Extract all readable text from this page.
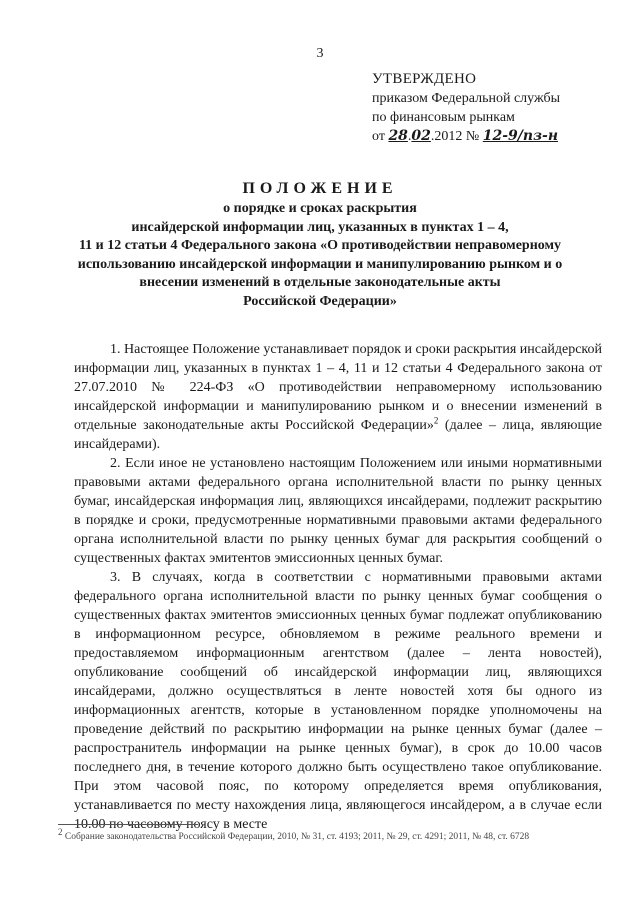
3
УТВЕРЖДЕНО
приказом Федеральной службы
по финансовым рынкам
от 28.02.2012 № 12-9/пз-н
ПОЛОЖЕНИЕ
о порядке и сроках раскрытия
инсайдерской информации лиц, указанных в пунктах 1 – 4,
11 и 12 статьи 4 Федерального закона «О противодействии неправомерному
использованию инсайдерской информации и манипулированию рынком и о
внесении изменений в отдельные законодательные акты
Российской Федерации»

1. Настоящее Положение устанавливает порядок и сроки раскрытия инсайдерской информации лиц, указанных в пунктах 1 – 4, 11 и 12 статьи 4 Федерального закона от 27.07.2010 № 224-ФЗ «О противодействии неправомерному использованию инсайдерской информации и манипулированию рынком и о внесении изменений в отдельные законодательные акты Российской Федерации»$^2$ (далее – лица, являющие инсайдерами).

2. Если иное не установлено настоящим Положением или иными нормативными правовыми актами федерального органа исполнительной власти по рынку ценных бумаг, инсайдерская информация лиц, являющихся инсайдерами, подлежит раскрытию в порядке и сроки, предусмотренные нормативными правовыми актами федерального органа исполнительной власти по рынку ценных бумаг для раскрытия сообщений о существенных фактах эмитентов эмиссионных ценных бумаг.

3. В случаях, когда в соответствии с нормативными правовыми актами федерального органа исполнительной власти по рынку ценных бумаг сообщения о существенных фактах эмитентов эмиссионных ценных бумаг подлежат опубликованию в информационном ресурсе, обновляемом в режиме реального времени и предоставляемом информационным агентством (далее – лента новостей), опубликование сообщений об инсайдерской информации лиц, являющихся инсайдерами, должно осуществляться в ленте новостей хотя бы одного из информационных агентств, которые в установленном порядке уполномочены на проведение действий по раскрытию информации на рынке ценных бумаг (далее – распространитель информации на рынке ценных бумаг), в срок до 10.00 часов последнего дня, в течение которого должно быть осуществлено такое опубликование. При этом часовой пояс, по которому определяется время опубликования, устанавливается по месту нахождения лица, являющегося инсайдером, а в случае если 10.00 по часовому поясу в месте

$^2$ Собрание законодательства Российской Федерации, 2010, № 31, ст. 4193; 2011, № 29, ст. 4291; 2011, № 48, ст. 6728
